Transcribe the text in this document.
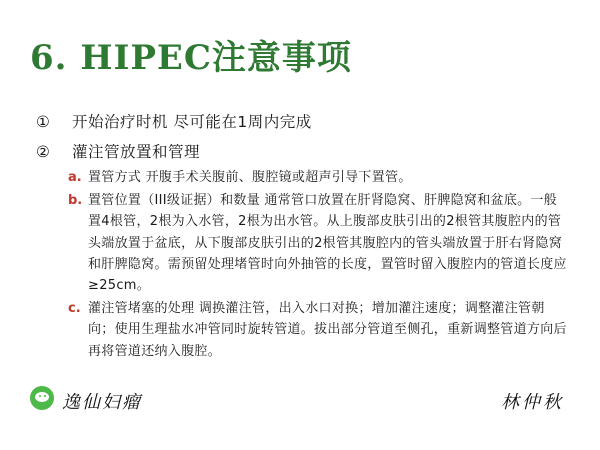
6. HIPEC注意事项
① 开始治疗时机 尽可能在1周内完成
② 灌注管放置和管理
a. 置管方式 开腹手术关腹前、腹腔镜或超声引导下置管。
b. 置管位置（III级证据）和数量 通常管口放置在肝肾隐窝、肝脾隐窝和盆底。一般置4根管，2根为入水管，2根为出水管。从上腹部皮肤引出的2根管其腹腔内的管头端放置于盆底，从下腹部皮肤引出的2根管其腹腔内的管头端放置于肝右肾隐窝和肝脾隐窝。需预留处理堵管时向外抽管的长度，置管时留入腹腔内的管道长度应≥25cm。
c. 灌注管堵塞的处理 调换灌注管，出入水口对换；增加灌注速度；调整灌注管朝向；使用生理盐水冲管同时旋转管道。拔出部分管道至侧孔，重新调整管道方向后再将管道还纳入腹腔。
逸仙妇瘤	林仲秋
